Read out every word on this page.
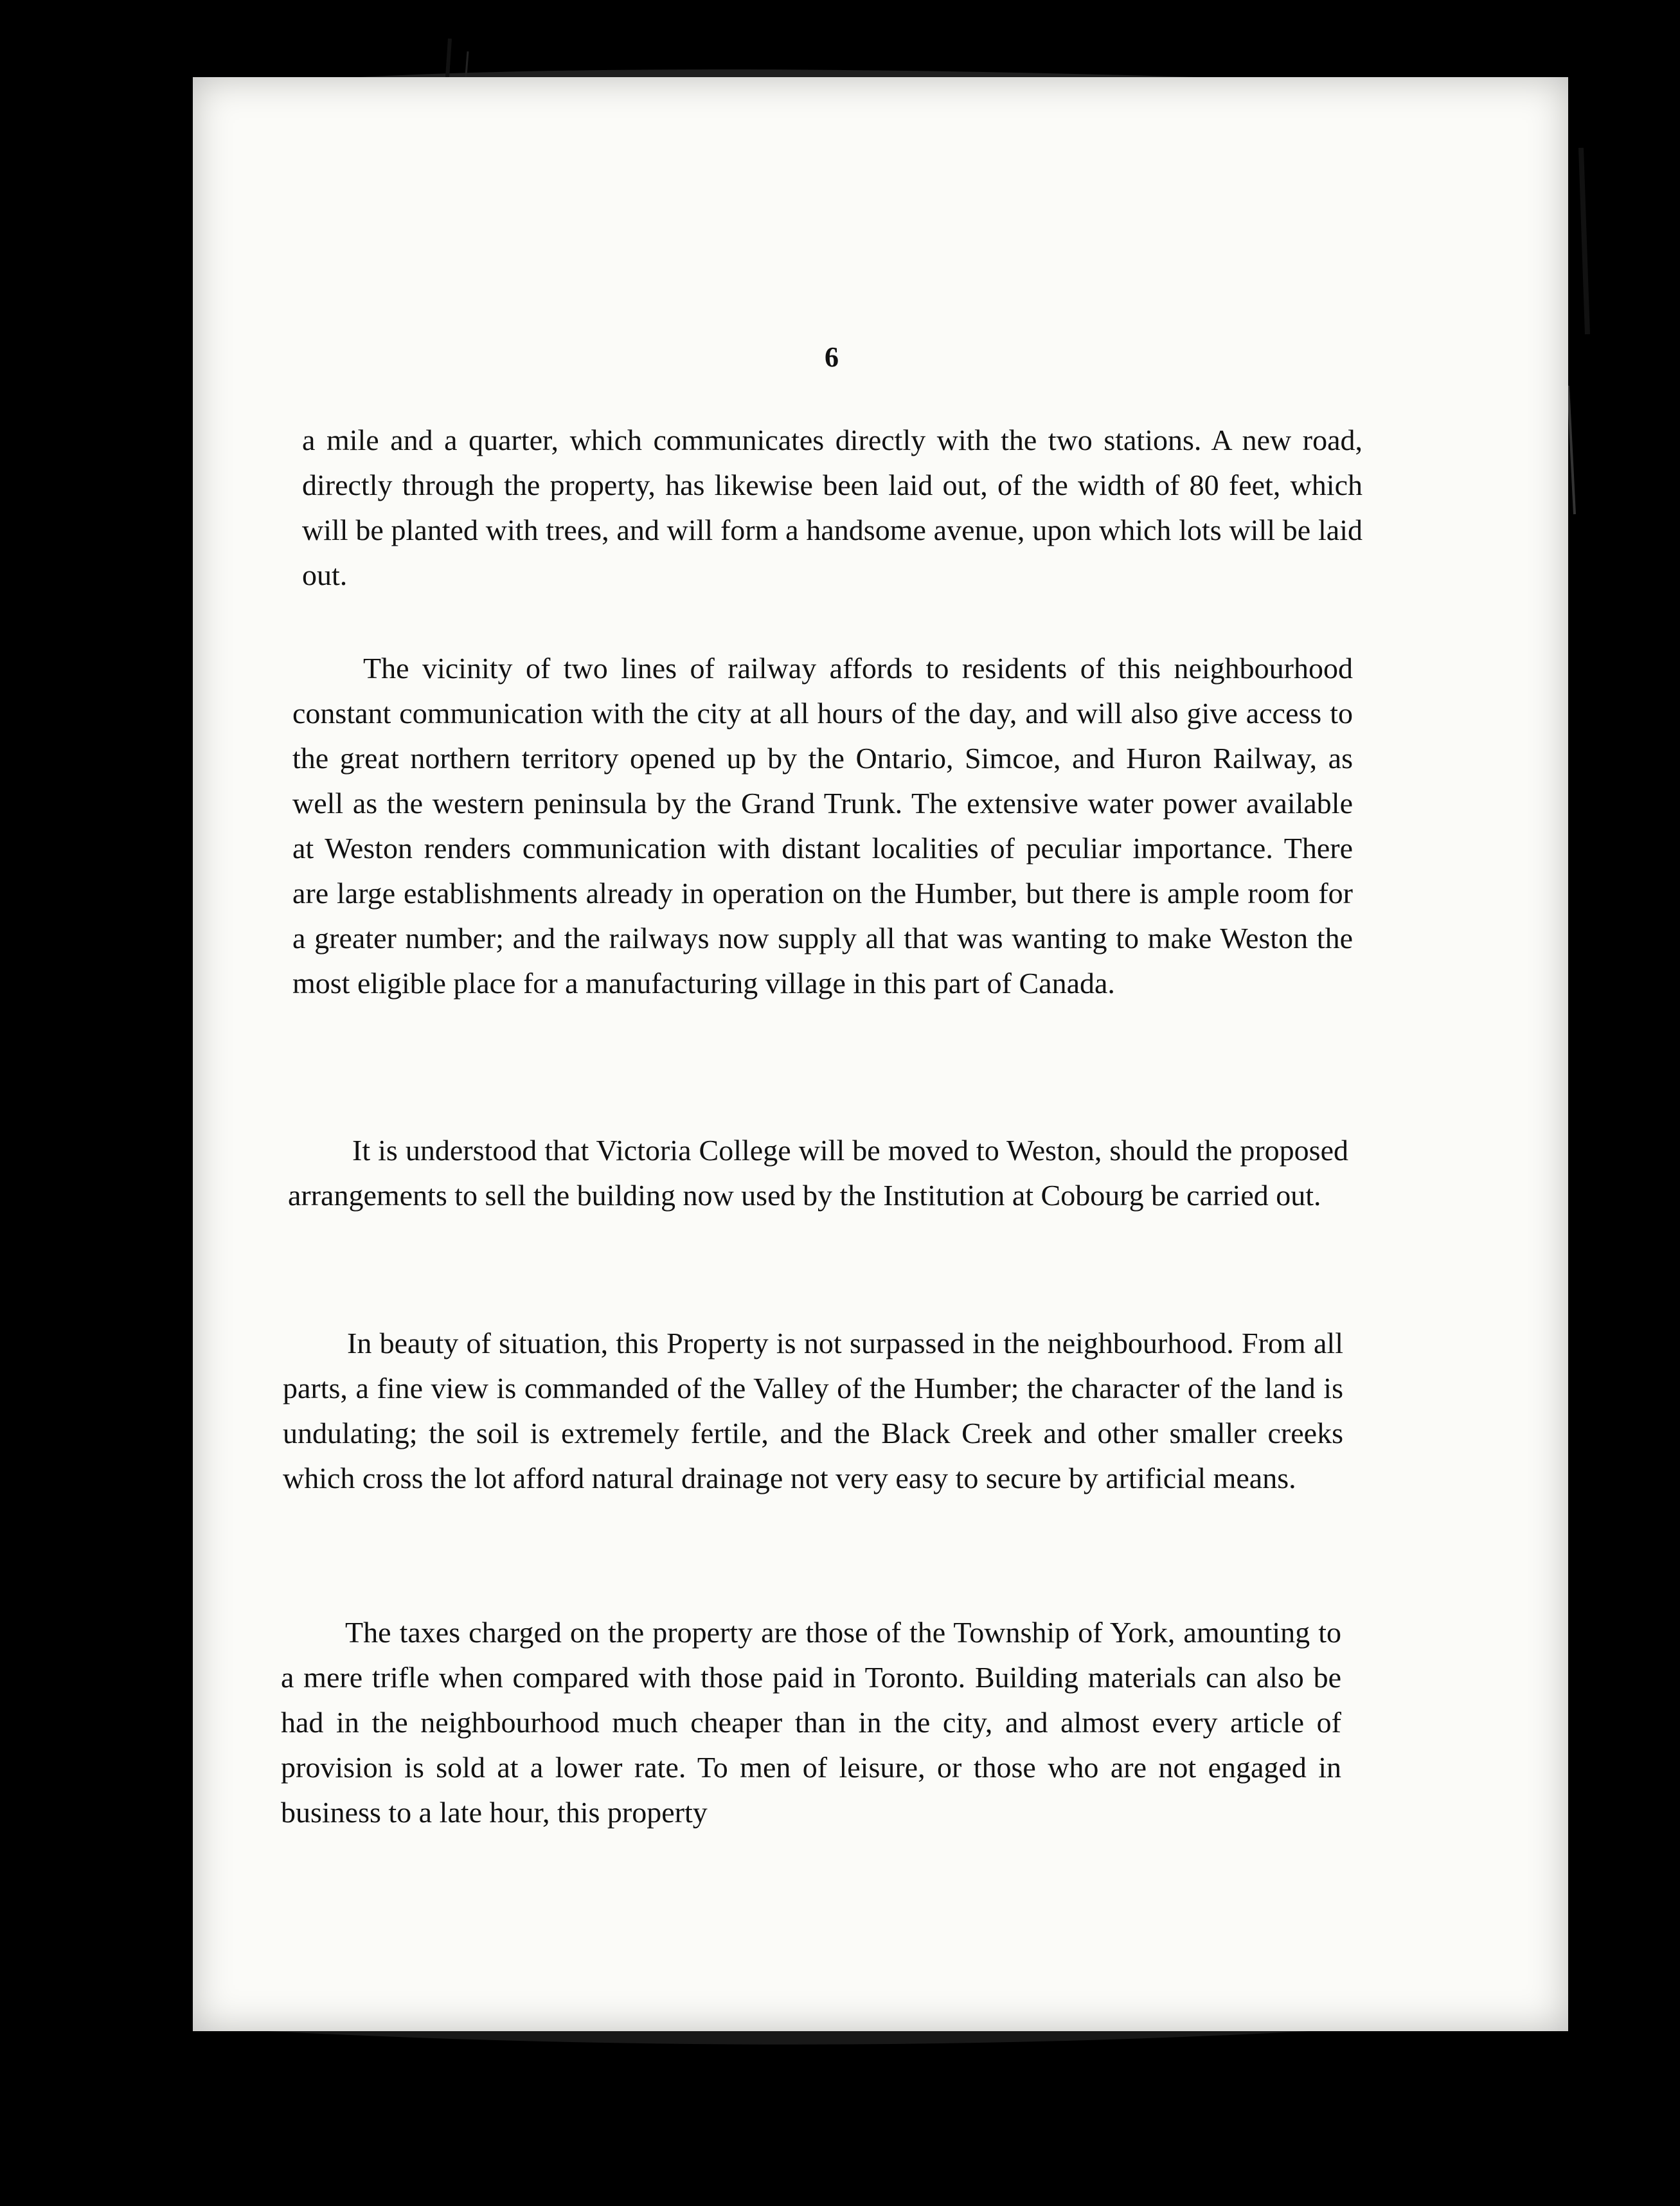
6

a mile and a quarter, which communicates directly with the two stations. A new road, directly through the property, has likewise been laid out, of the width of 80 feet, which will be planted with trees, and will form a handsome avenue, upon which lots will be laid out.

The vicinity of two lines of railway affords to residents of this neighbourhood constant communication with the city at all hours of the day, and will also give access to the great northern territory opened up by the Ontario, Simcoe, and Huron Railway, as well as the western peninsula by the Grand Trunk. The extensive water power available at Weston renders communication with distant localities of peculiar importance. There are large establishments already in operation on the Humber, but there is ample room for a greater number; and the railways now supply all that was wanting to make Weston the most eligible place for a manufacturing village in this part of Canada.

It is understood that Victoria College will be moved to Weston, should the proposed arrangements to sell the building now used by the Institution at Cobourg be carried out.

In beauty of situation, this Property is not surpassed in the neighbourhood. From all parts, a fine view is commanded of the Valley of the Humber; the character of the land is undulating; the soil is extremely fertile, and the Black Creek and other smaller creeks which cross the lot afford natural drainage not very easy to secure by artificial means.

The taxes charged on the property are those of the Township of York, amounting to a mere trifle when compared with those paid in Toronto. Building materials can also be had in the neighbourhood much cheaper than in the city, and almost every article of provision is sold at a lower rate. To men of leisure, or those who are not engaged in business to a late hour, this property
